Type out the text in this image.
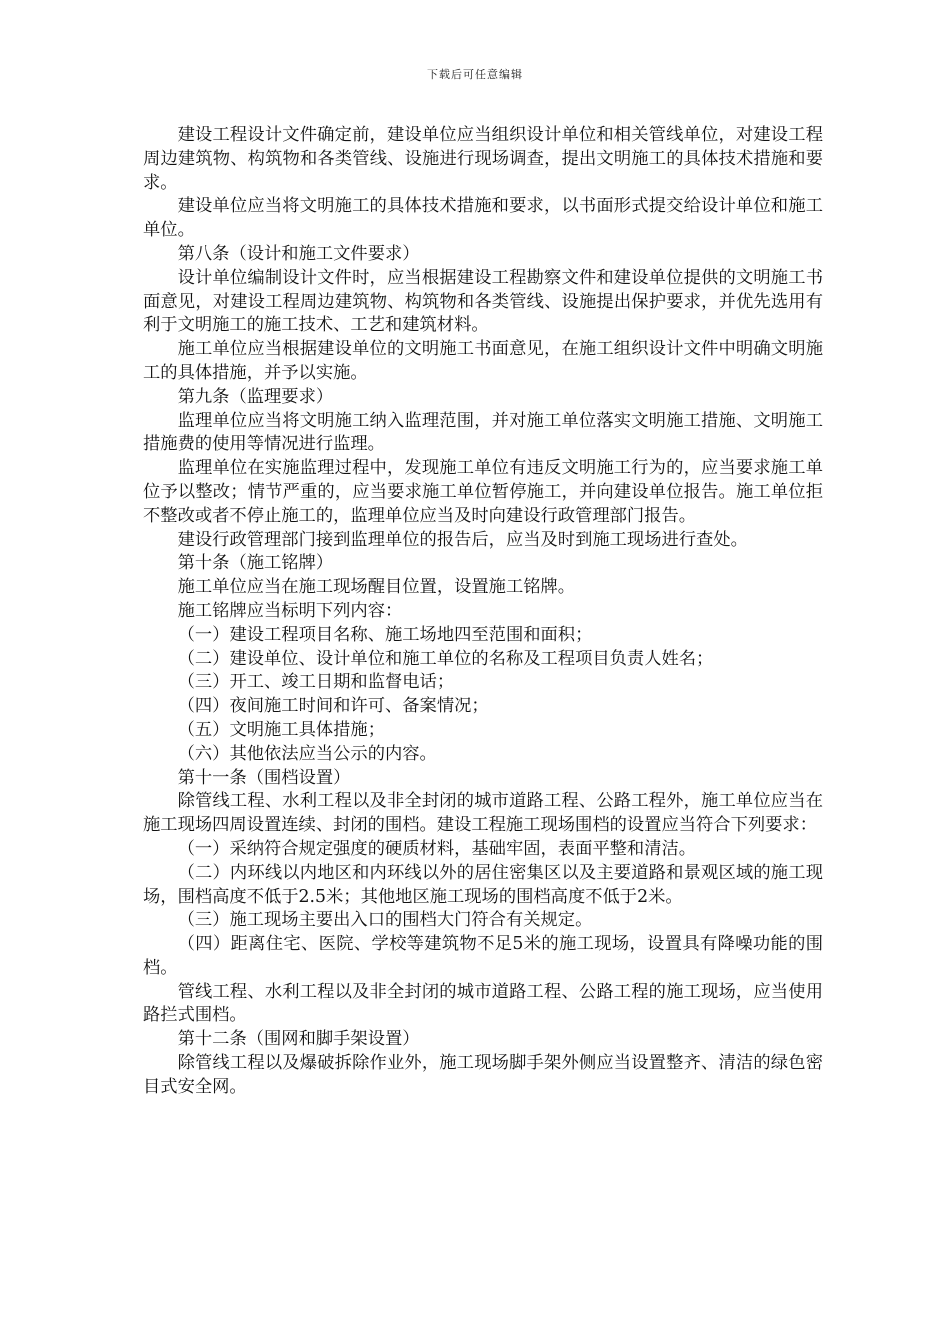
下载后可任意编辑

建设工程设计文件确定前，建设单位应当组织设计单位和相关管线单位，对建设工程周边建筑物、构筑物和各类管线、设施进行现场调查，提出文明施工的具体技术措施和要求。

建设单位应当将文明施工的具体技术措施和要求，以书面形式提交给设计单位和施工单位。

第八条（设计和施工文件要求）

设计单位编制设计文件时，应当根据建设工程勘察文件和建设单位提供的文明施工书面意见，对建设工程周边建筑物、构筑物和各类管线、设施提出保护要求，并优先选用有利于文明施工的施工技术、工艺和建筑材料。

施工单位应当根据建设单位的文明施工书面意见，在施工组织设计文件中明确文明施工的具体措施，并予以实施。

第九条（监理要求）

监理单位应当将文明施工纳入监理范围，并对施工单位落实文明施工措施、文明施工措施费的使用等情况进行监理。

监理单位在实施监理过程中，发现施工单位有违反文明施工行为的，应当要求施工单位予以整改；情节严重的，应当要求施工单位暂停施工，并向建设单位报告。施工单位拒不整改或者不停止施工的，监理单位应当及时向建设行政管理部门报告。

建设行政管理部门接到监理单位的报告后，应当及时到施工现场进行查处。

第十条（施工铭牌）

施工单位应当在施工现场醒目位置，设置施工铭牌。

施工铭牌应当标明下列内容：

（一）建设工程项目名称、施工场地四至范围和面积；

（二）建设单位、设计单位和施工单位的名称及工程项目负责人姓名；

（三）开工、竣工日期和监督电话；

（四）夜间施工时间和许可、备案情况；

（五）文明施工具体措施；

（六）其他依法应当公示的内容。

第十一条（围档设置）

除管线工程、水利工程以及非全封闭的城市道路工程、公路工程外，施工单位应当在施工现场四周设置连续、封闭的围档。建设工程施工现场围档的设置应当符合下列要求：

（一）采纳符合规定强度的硬质材料，基础牢固，表面平整和清洁。

（二）内环线以内地区和内环线以外的居住密集区以及主要道路和景观区域的施工现场，围档高度不低于2.5米；其他地区施工现场的围档高度不低于2米。

（三）施工现场主要出入口的围档大门符合有关规定。

（四）距离住宅、医院、学校等建筑物不足5米的施工现场，设置具有降噪功能的围档。

管线工程、水利工程以及非全封闭的城市道路工程、公路工程的施工现场，应当使用路拦式围档。

第十二条（围网和脚手架设置）

除管线工程以及爆破拆除作业外，施工现场脚手架外侧应当设置整齐、清洁的绿色密目式安全网。
